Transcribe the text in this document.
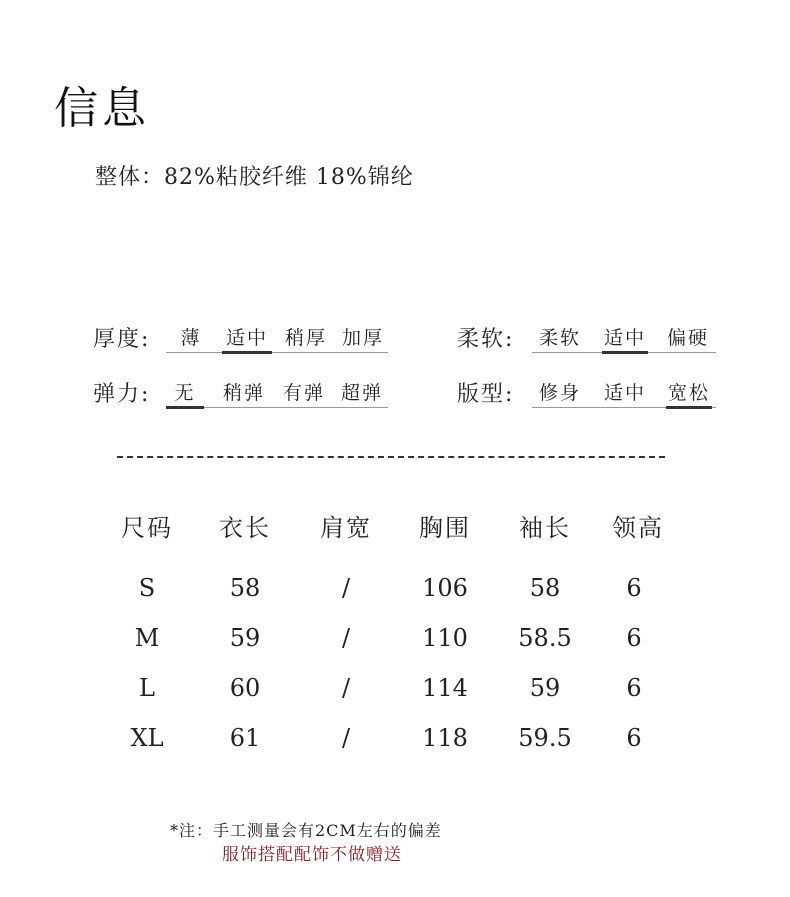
信息
整体：82%粘胶纤维 18%锦纶
厚度:	薄	适中 稍厚 加厚	柔软:	柔软	适中	偏硬
弹力:	无	稍弹 有弹 超弹	版型:	修身	适中 宽松
尺码	衣长	肩宽	胸围	袖长	领高
S	58	/	106	58	6
M	59	/	110	58.5	6
L	60	/	114	59	6
XL	61	/	118	59.5	6
*注：手工测量会有2CM左右的偏差
服饰搭配配饰不做赠送
